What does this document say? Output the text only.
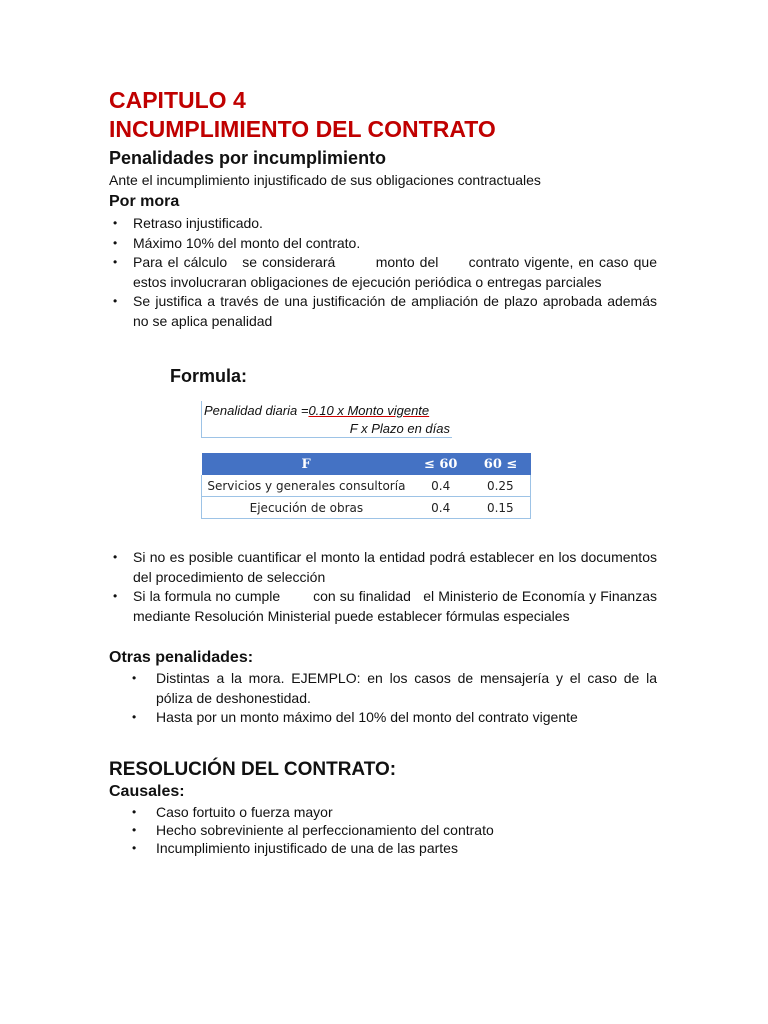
CAPITULO 4
INCUMPLIMIENTO DEL CONTRATO
Penalidades por incumplimiento
Ante el incumplimiento injustificado de sus obligaciones contractuales
Por mora
• Retraso injustificado.
• Máximo 10% del monto del contrato.
• Para el cálculo   se considerará        monto del      contrato vigente, en caso que estos involucraran obligaciones de ejecución periódica o entregas parciales
• Se justifica a través de una justificación de ampliación de plazo aprobada además no se aplica penalidad
Formula:
Penalidad diaria =0.10 x Monto vigente
F x Plazo en días
F	≤ 60	60 ≤
Servicios y generales consultoría	0.4	0.25
Ejecución de obras	0.4	0.15
• Si no es posible cuantificar el monto la entidad podrá establecer en los documentos del procedimiento de selección
• Si la formula no cumple        con su finalidad   el Ministerio de Economía y Finanzas mediante Resolución Ministerial puede establecer fórmulas especiales
Otras penalidades:
• Distintas a la mora. EJEMPLO: en los casos de mensajería y el caso de la póliza de deshonestidad.
• Hasta por un monto máximo del 10% del monto del contrato vigente
RESOLUCIÓN DEL CONTRATO:
Causales:
• Caso fortuito o fuerza mayor
• Hecho sobreviniente al perfeccionamiento del contrato
• Incumplimiento injustificado de una de las partes
